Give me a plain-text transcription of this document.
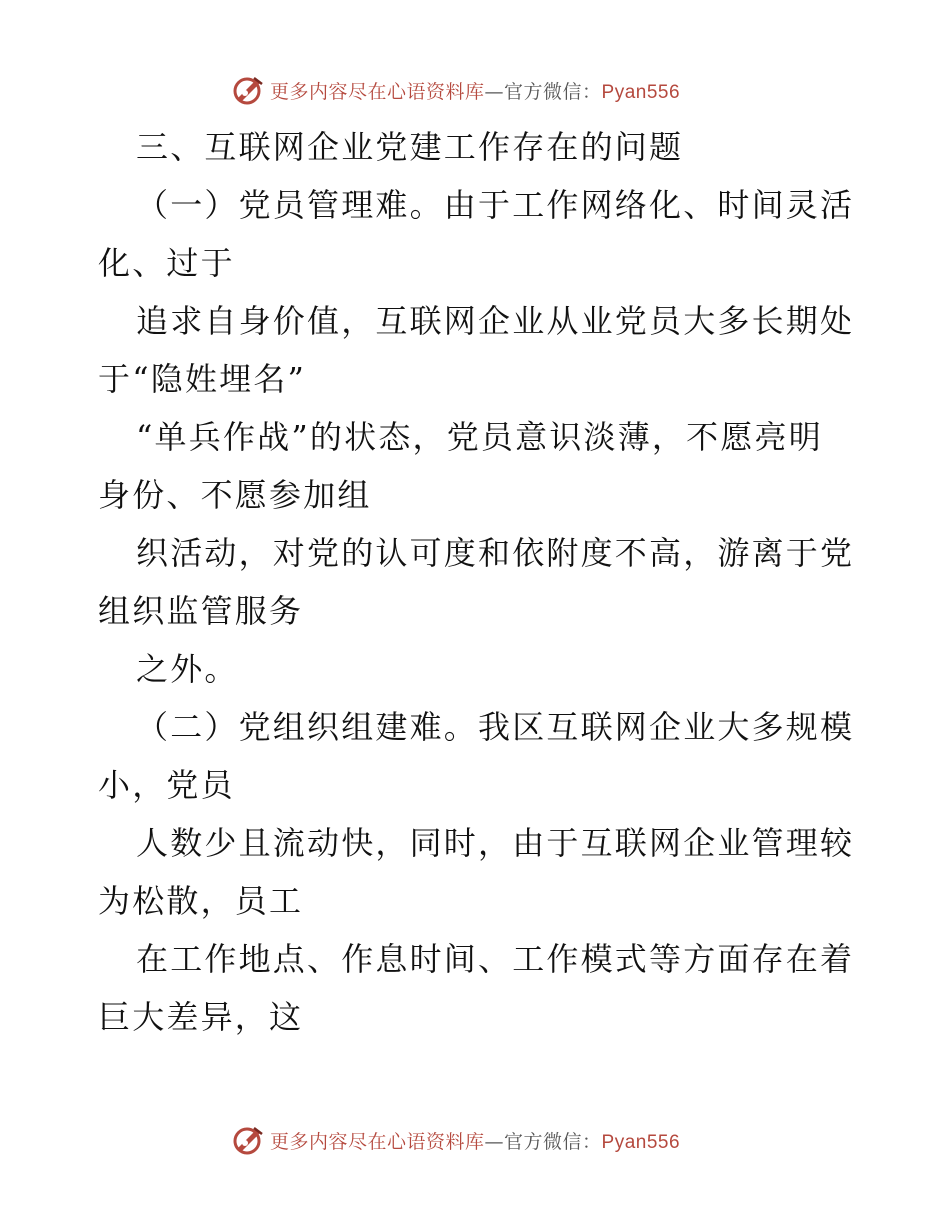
更多内容尽在心语资料库—官方微信：Pyan556
三、互联网企业党建工作存在的问题
（一）党员管理难。由于工作网络化、时间灵活
化、过于
追求自身价值，互联网企业从业党员大多长期处
于“隐姓埋名”
“单兵作战”的状态，党员意识淡薄，不愿亮明
身份、不愿参加组
织活动，对党的认可度和依附度不高，游离于党
组织监管服务
之外。
（二）党组织组建难。我区互联网企业大多规模
小，党员
人数少且流动快，同时，由于互联网企业管理较
为松散，员工
在工作地点、作息时间、工作模式等方面存在着
巨大差异，这
更多内容尽在心语资料库—官方微信：Pyan556
